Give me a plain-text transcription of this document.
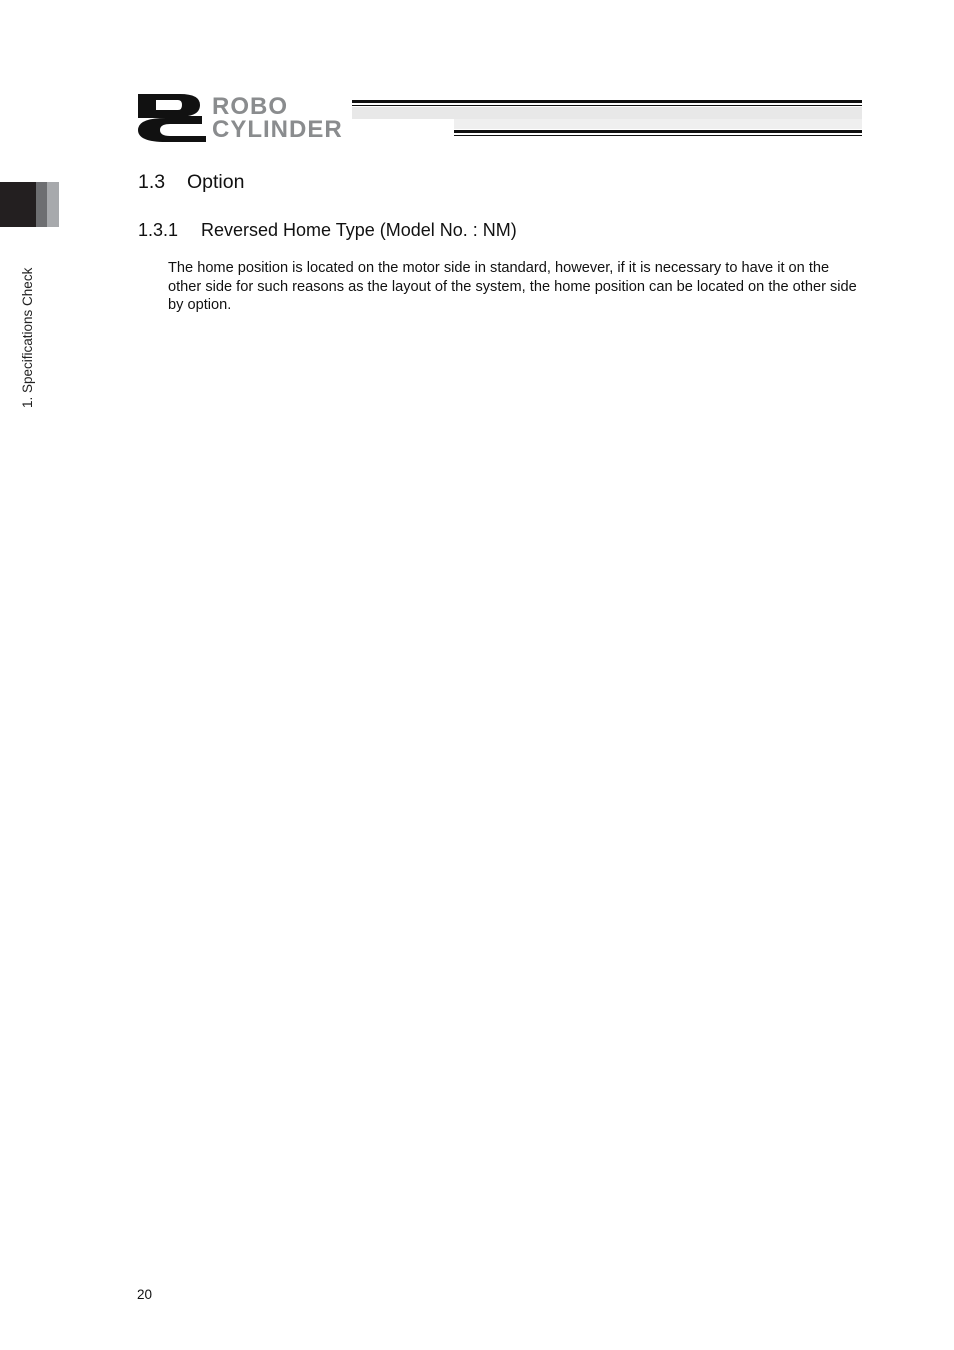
1. Specifications Check
ROBO
CYLINDER
1.3 Option
1.3.1 Reversed Home Type (Model No. : NM)

The home position is located on the motor side in standard, however, if it is necessary to have it on the other side for such reasons as the layout of the system, the home position can be located on the other side by option.

20
